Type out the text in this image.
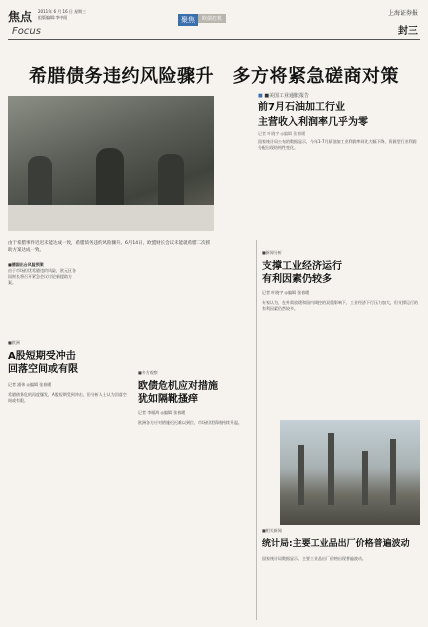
焦点
Focus
2011年 6 月 16 日 星期三
组版编辑:李中阳	聚焦	欧债危机
上海证券报
封三
希腊债务违约风险骤升　多方将紧急磋商对策
由于希腊事件迟迟未能达成一致，希腊债务违约风险骤升。6月14日，欧盟财长会议未能就希腊二次援助方案达成一致。
■ ■美国工业通胀报告
前7月石油加工行业
主营收入利润率几乎为零
记者 叶晓宇 ◎编辑 张春暖
国家统计局公布的数据显示，今年1-7月原油加工业利润率同比大幅下降，资源型行业利润分配出现结构性变化。
■德国出台风险预案
由于市场担忧希腊违约风险，欧元区各国财长将召开紧急会议讨论新援助方案。
■欧洲
A股短期受冲击
回落空间或有限
记者 浦伟 ◎编辑 张春暖
希腊债务危机再度爆发，A股短期受到冲击，但分析人士认为回落空间或有限。
■多方观察
欧债危机应对措施
犹如隔靴搔痒
记者 李雁鸿 ◎编辑 张春暖
欧洲各方应对措施迟迟难以到位，市场担忧情绪持续升温。
■新闻分析
支撑工业经济运行
有利因素仍较多
记者 叶晓宇 ◎编辑 张春暖
专家认为，在外需放缓和国内调控的双重影响下，工业经济下行压力加大，但支撑运行的有利因素仍然较多。
■相关新闻
统计局:主要工业品出厂价格普遍波动
国家统计局数据显示，主要工业品出厂价格出现普遍波动。
